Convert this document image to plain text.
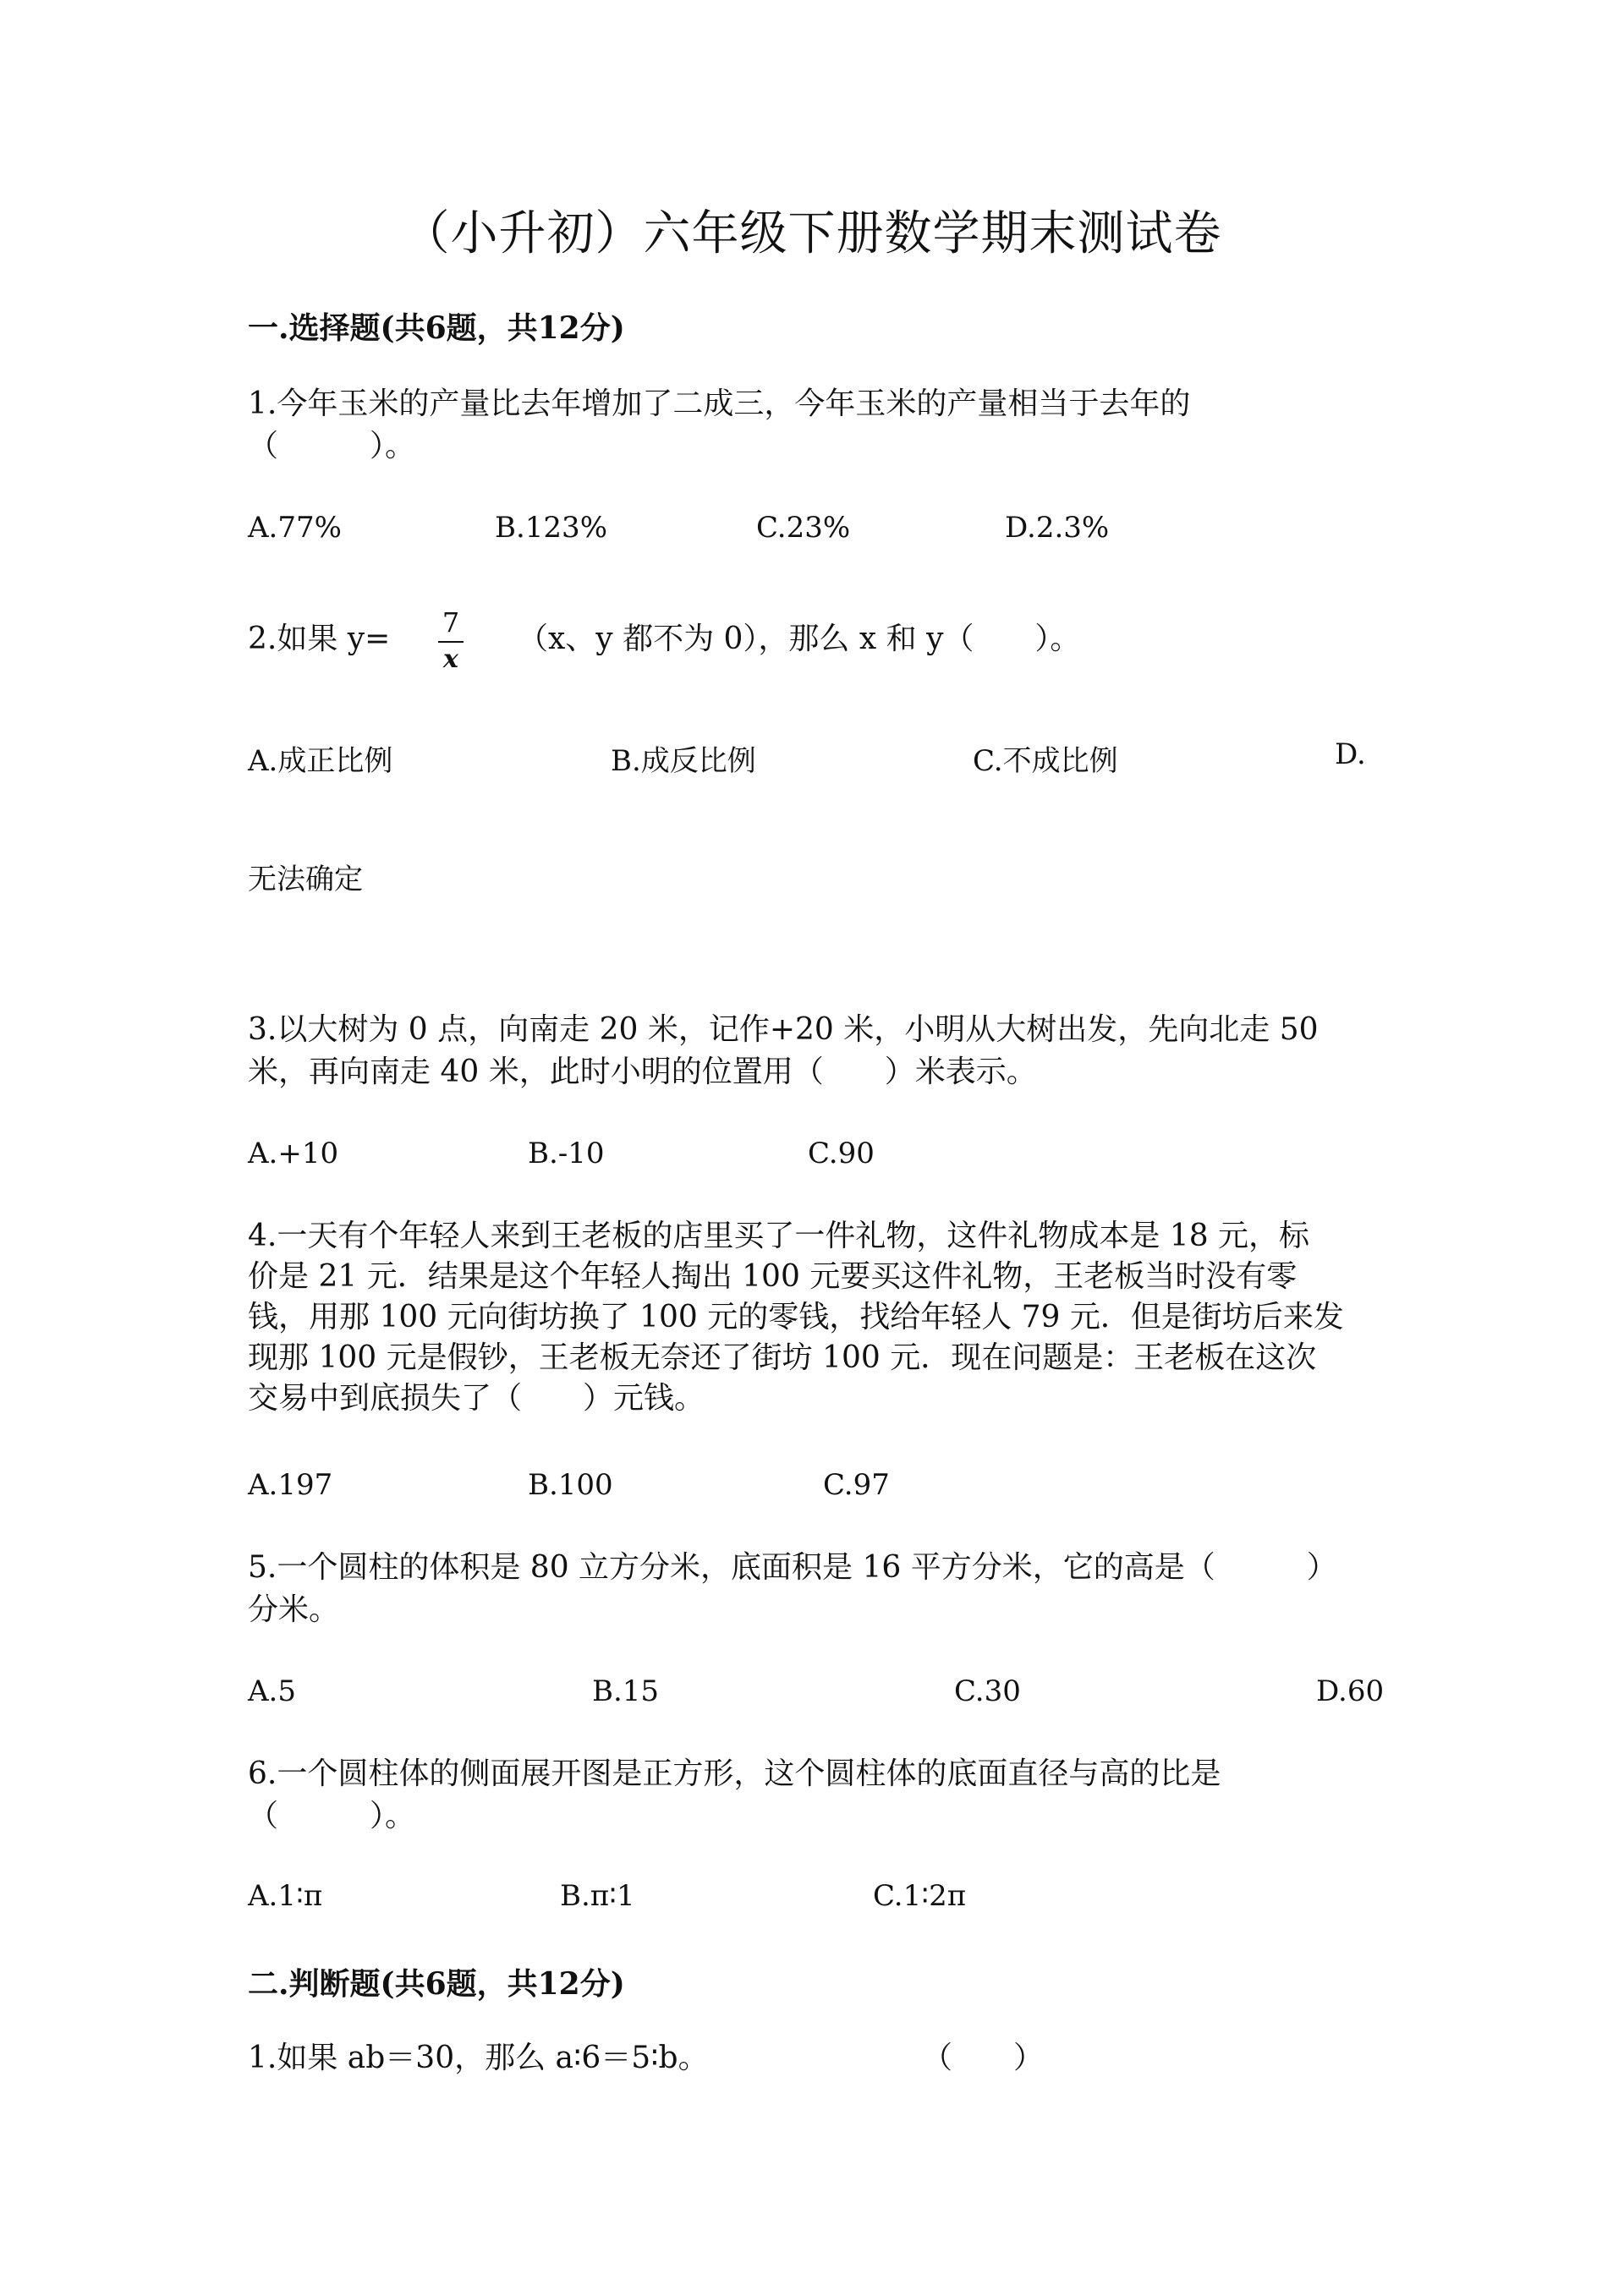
（小升初）六年级下册数学期末测试卷
一.选择题(共6题，共12分)
1.今年玉米的产量比去年增加了二成三，今年玉米的产量相当于去年的
（　　　）。
A.77%	B.123%	C.23%	D.2.3%
2.如果 y=	7
x
（x、y 都不为 0），那么 x 和 y（　　）。
A.成正比例	B.成反比例	C.不成比例	D.
无法确定
3.以大树为 0 点，向南走 20 米，记作+20 米，小明从大树出发，先向北走 50
米，再向南走 40 米，此时小明的位置用（　　）米表示。
A.+10	B.-10	C.90
4.一天有个年轻人来到王老板的店里买了一件礼物，这件礼物成本是 18 元，标
价是 21 元．结果是这个年轻人掏出 100 元要买这件礼物，王老板当时没有零
钱，用那 100 元向街坊换了 100 元的零钱，找给年轻人 79 元．但是街坊后来发
现那 100 元是假钞，王老板无奈还了街坊 100 元．现在问题是：王老板在这次
交易中到底损失了（　　）元钱。
A.197	B.100	C.97
5.一个圆柱的体积是 80 立方分米，底面积是 16 平方分米，它的高是（　　　）
分米。
A.5	B.15	C.30	D.60
6.一个圆柱体的侧面展开图是正方形，这个圆柱体的底面直径与高的比是
（　　　）。
A.1∶π	B.π∶1	C.1∶2π
二.判断题(共6题，共12分)
1.如果 ab＝30，那么 a∶6＝5∶b。	（　　）
